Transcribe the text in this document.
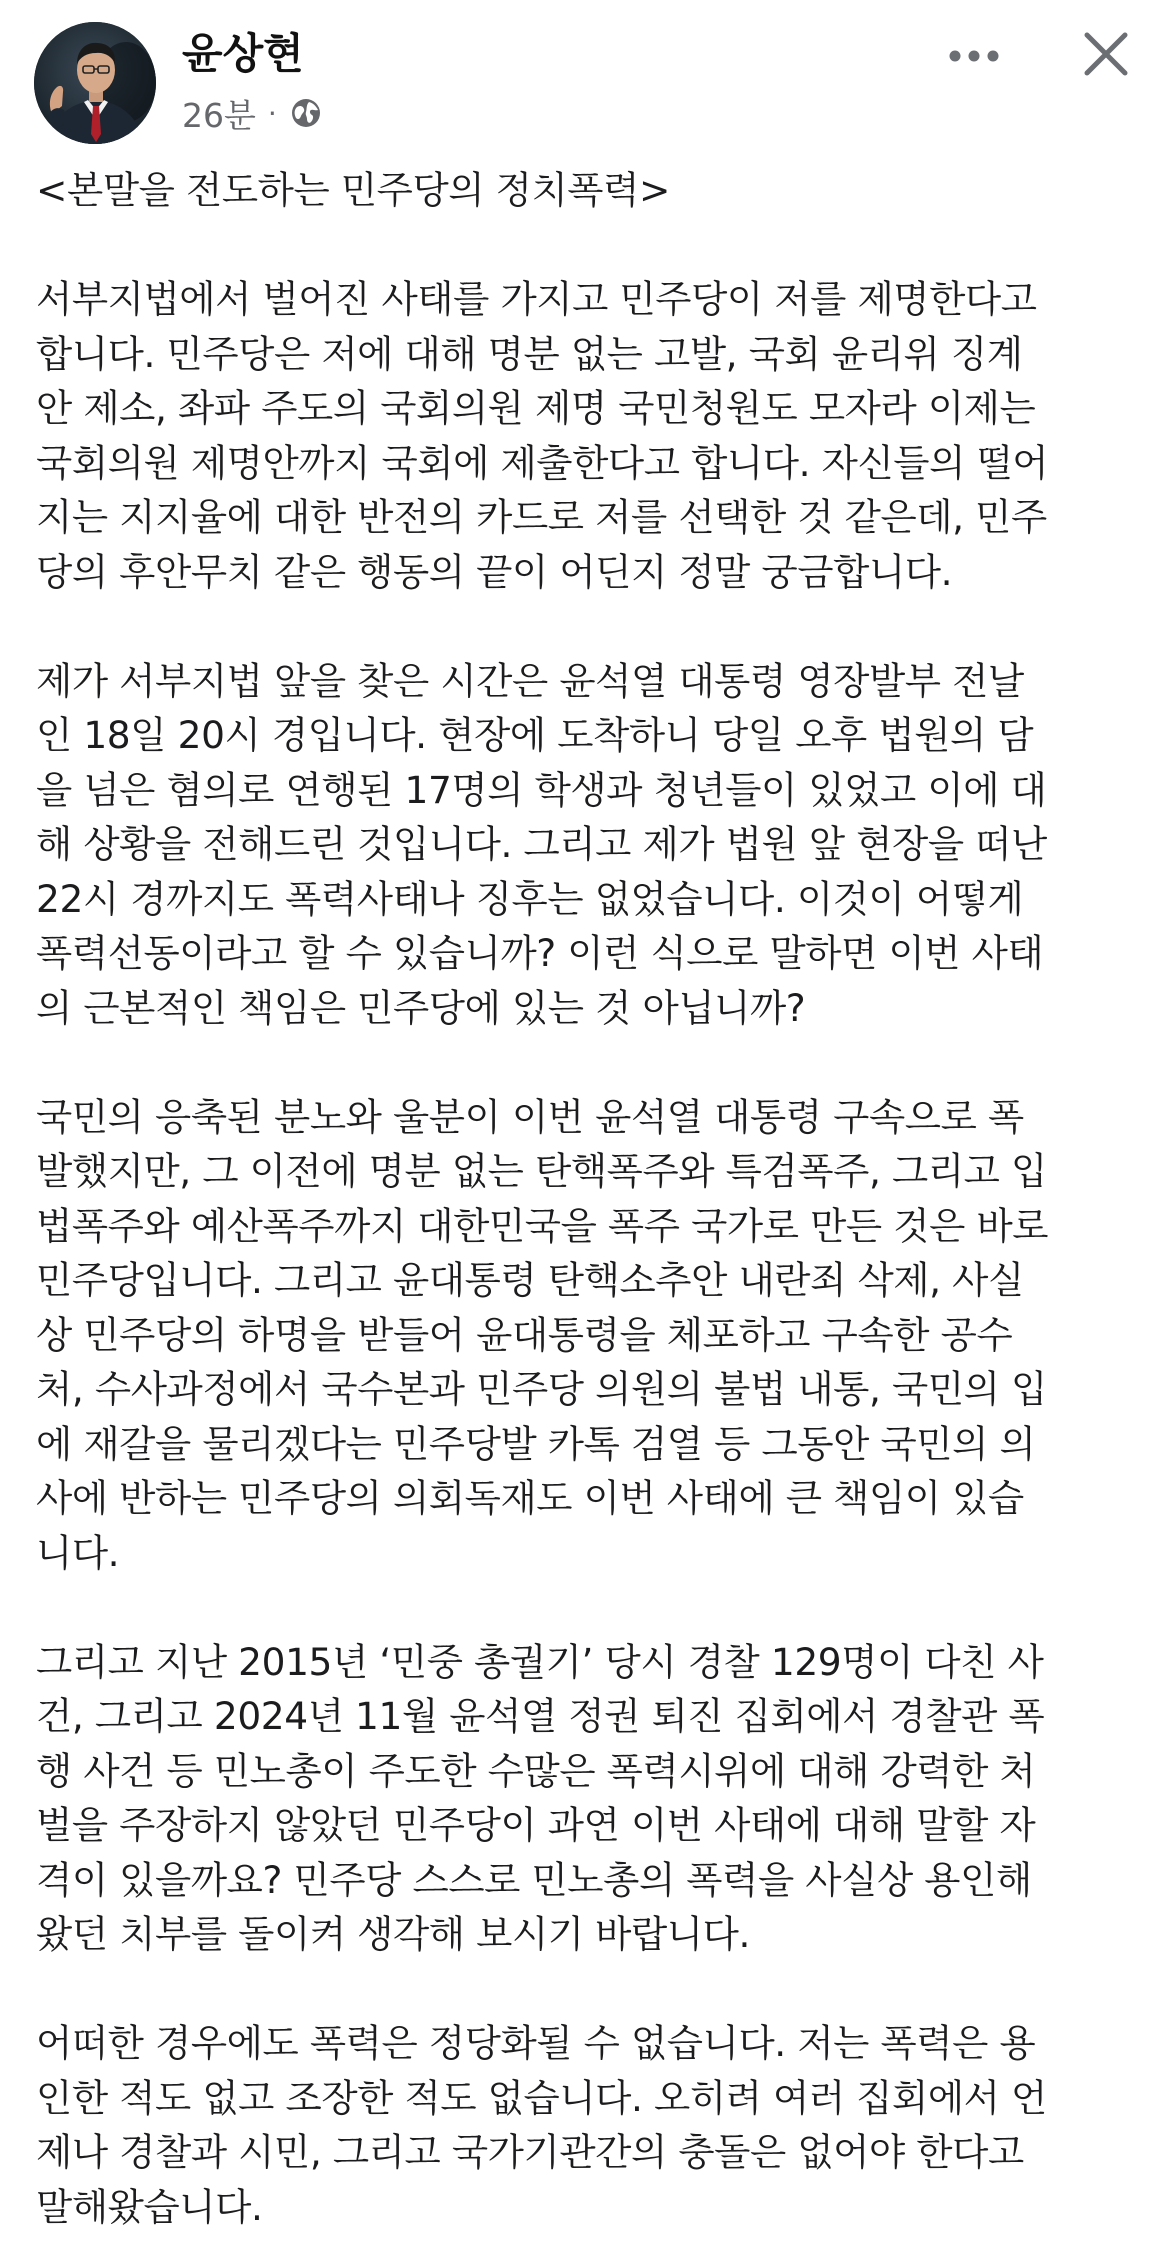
윤상현
26분 ·

<본말을 전도하는 민주당의 정치폭력>

서부지법에서 벌어진 사태를 가지고 민주당이 저를 제명한다고
합니다. 민주당은 저에 대해 명분 없는 고발, 국회 윤리위 징계
안 제소, 좌파 주도의 국회의원 제명 국민청원도 모자라 이제는
국회의원 제명안까지 국회에 제출한다고 합니다. 자신들의 떨어
지는 지지율에 대한 반전의 카드로 저를 선택한 것 같은데, 민주
당의 후안무치 같은 행동의 끝이 어딘지 정말 궁금합니다.

제가 서부지법 앞을 찾은 시간은 윤석열 대통령 영장발부 전날
인 18일 20시 경입니다. 현장에 도착하니 당일 오후 법원의 담
을 넘은 혐의로 연행된 17명의 학생과 청년들이 있었고 이에 대
해 상황을 전해드린 것입니다. 그리고 제가 법원 앞 현장을 떠난
22시 경까지도 폭력사태나 징후는 없었습니다. 이것이 어떻게
폭력선동이라고 할 수 있습니까? 이런 식으로 말하면 이번 사태
의 근본적인 책임은 민주당에 있는 것 아닙니까?

국민의 응축된 분노와 울분이 이번 윤석열 대통령 구속으로 폭
발했지만, 그 이전에 명분 없는 탄핵폭주와 특검폭주, 그리고 입
법폭주와 예산폭주까지 대한민국을 폭주 국가로 만든 것은 바로
민주당입니다. 그리고 윤대통령 탄핵소추안 내란죄 삭제, 사실
상 민주당의 하명을 받들어 윤대통령을 체포하고 구속한 공수
처, 수사과정에서 국수본과 민주당 의원의 불법 내통, 국민의 입
에 재갈을 물리겠다는 민주당발 카톡 검열 등 그동안 국민의 의
사에 반하는 민주당의 의회독재도 이번 사태에 큰 책임이 있습
니다.

그리고 지난 2015년 ‘민중 총궐기’ 당시 경찰 129명이 다친 사
건, 그리고 2024년 11월 윤석열 정권 퇴진 집회에서 경찰관 폭
행 사건 등 민노총이 주도한 수많은 폭력시위에 대해 강력한 처
벌을 주장하지 않았던 민주당이 과연 이번 사태에 대해 말할 자
격이 있을까요? 민주당 스스로 민노총의 폭력을 사실상 용인해
왔던 치부를 돌이켜 생각해 보시기 바랍니다.

어떠한 경우에도 폭력은 정당화될 수 없습니다. 저는 폭력은 용
인한 적도 없고 조장한 적도 없습니다. 오히려 여러 집회에서 언
제나 경찰과 시민, 그리고 국가기관간의 충돌은 없어야 한다고
말해왔습니다.
